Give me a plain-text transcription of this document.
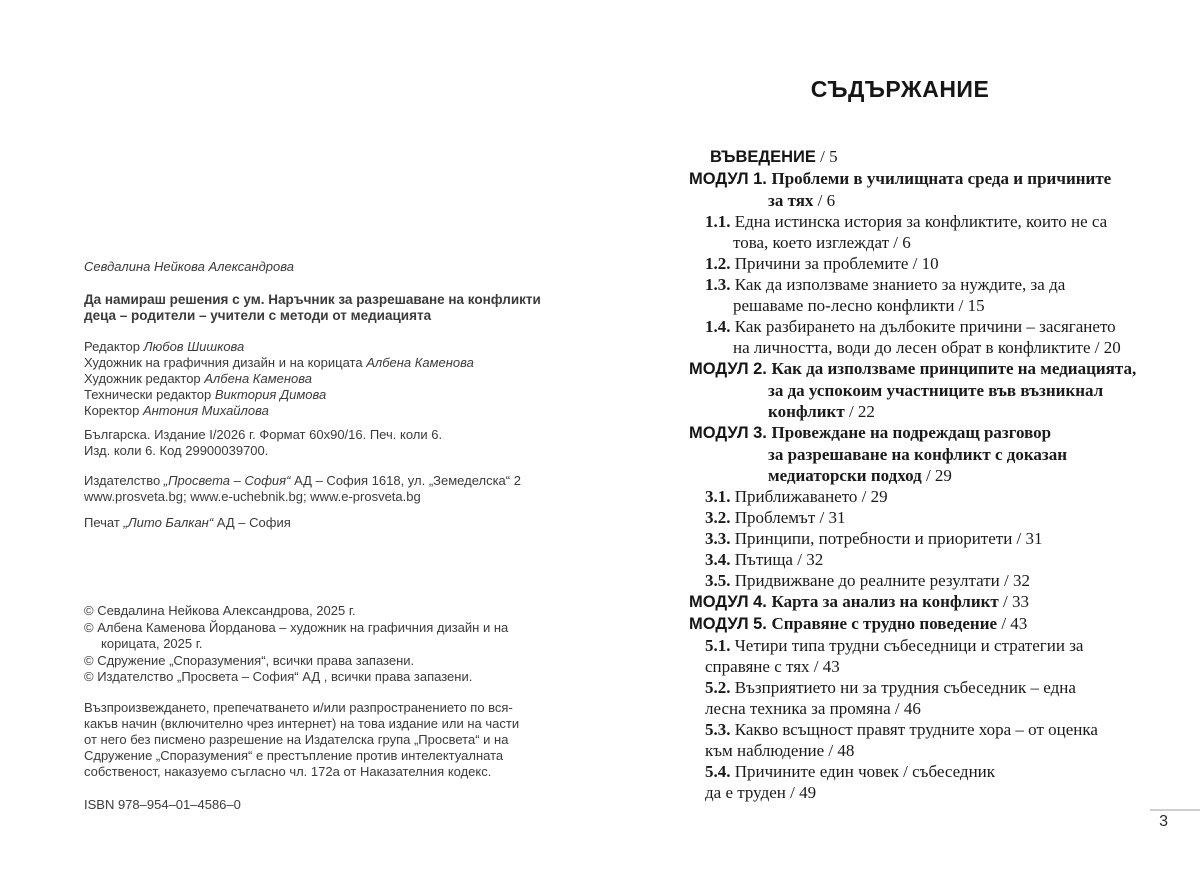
Севдалина Нейкова Александрова
Да намираш решения с ум. Наръчник за разрешаване на конфликти
деца – родители – учители с методи от медиацията
Редактор Любов Шишкова
Художник на графичния дизайн и на корицата Албена Каменова
Художник редактор Албена Каменова
Технически редактор Виктория Димова
Коректор Антония Михайлова
Българска. Издание I/2026 г. Формат 60х90/16. Печ. коли 6.
Изд. коли 6. Код 29900039700.
Издателство „Просвета – София“ АД – София 1618, ул. „Земеделска“ 2
www.prosveta.bg; www.e-uchebnik.bg; www.e-prosveta.bg
Печат „Лито Балкан“ АД – София
© Севдалина Нейкова Александрова, 2025 г.
© Албена Каменова Йорданова – художник на графичния дизайн и на
корицата, 2025 г.
© Сдружение „Споразумения“, всички права запазени.
© Издателство „Просвета – София“ АД , всички права запазени.
Възпроизвеждането, препечатването и/или разпространението по вся-
какъв начин (включително чрез интернет) на това издание или на части
от него без писмено разрешение на Издателска група „Просвета“ и на
Сдружение „Споразумения“ е престъпление против интелектуалната
собственост, наказуемо съгласно чл. 172а от Наказателния кодекс.
ISBN 978–954–01–4586–0
СЪДЪРЖАНИЕ
ВЪВЕДЕНИЕ / 5
МОДУЛ 1. Проблеми в училищната среда и причините
за тях / 6
1.1. Една истинска история за конфликтите, които не са
това, което изглеждат / 6
1.2. Причини за проблемите / 10
1.3. Как да използваме знанието за нуждите, за да
решаваме по-лесно конфликти / 15
1.4. Как разбирането на дълбоките причини – засягането
на личността, води до лесен обрат в конфликтите / 20
МОДУЛ 2. Как да използваме принципите на медиацията,
за да успокоим участниците във възникнал
конфликт / 22
МОДУЛ 3. Провеждане на подреждащ разговор
за разрешаване на конфликт с доказан
медиаторски подход / 29
3.1. Приближаването / 29
3.2. Проблемът / 31
3.3. Принципи, потребности и приоритети / 31
3.4. Пътища / 32
3.5. Придвижване до реалните резултати / 32
МОДУЛ 4. Карта за анализ на конфликт / 33
МОДУЛ 5. Справяне с трудно поведение / 43
5.1. Четири типа трудни събеседници и стратегии за
справяне с тях / 43
5.2. Възприятието ни за трудния събеседник – една
лесна техника за промяна / 46
5.3. Какво всъщност правят трудните хора – от оценка
към наблюдение / 48
5.4. Причините един човек / събеседник
да е труден / 49
3
